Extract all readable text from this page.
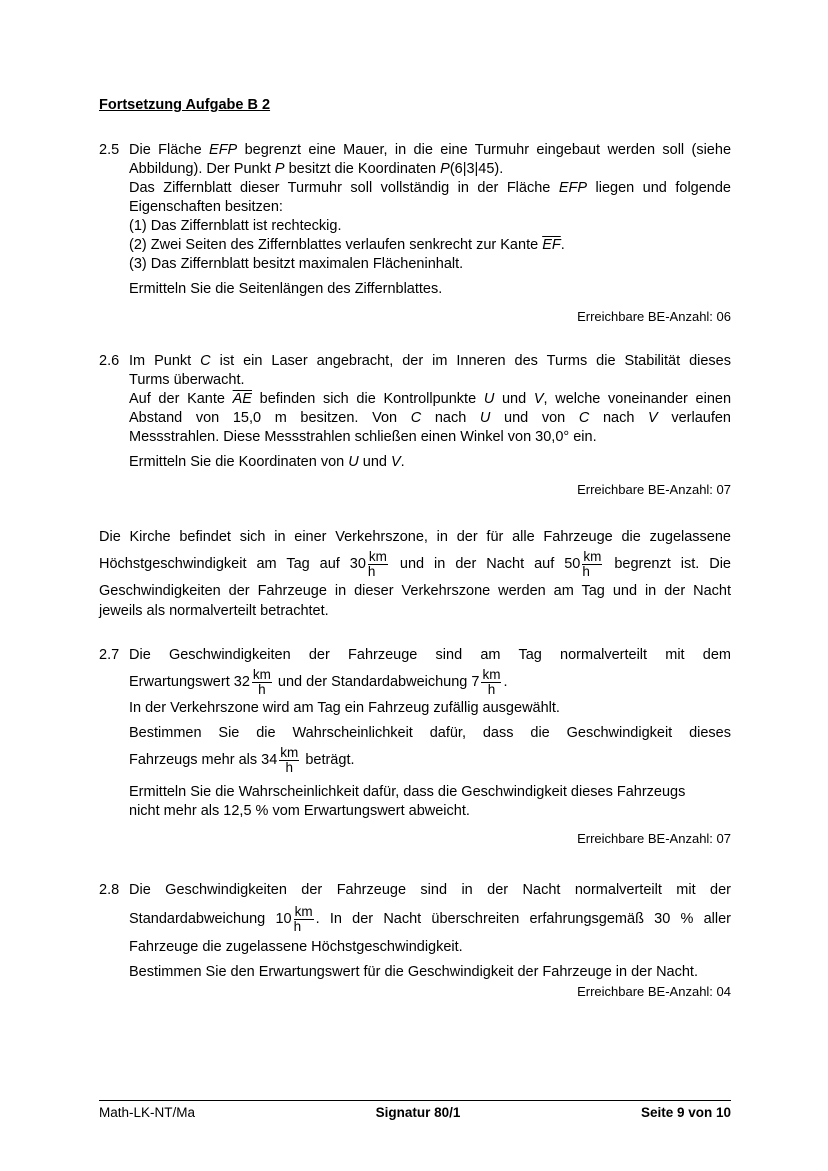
Fortsetzung Aufgabe B 2
2.5 Die Fläche EFP begrenzt eine Mauer, in die eine Turmuhr eingebaut werden soll (siehe

Abbildung). Der Punkt P besitzt die Koordinaten P(6|3|45).

Das Ziffernblatt dieser Turmuhr soll vollständig in der Fläche EFP liegen und folgende

Eigenschaften besitzen:

(1) Das Ziffernblatt ist rechteckig.

(2) Zwei Seiten des Ziffernblattes verlaufen senkrecht zur Kante $\overline{EF}$.

(3) Das Ziffernblatt besitzt maximalen Flächeninhalt.

Ermitteln Sie die Seitenlängen des Ziffernblattes.

Erreichbare BE-Anzahl: 06
2.6 Im Punkt C ist ein Laser angebracht, der im Inneren des Turms die Stabilität dieses

Turms überwacht.

Auf der Kante $\overline{AE}$ befinden sich die Kontrollpunkte U und V, welche voneinander einen

Abstand von 15,0 m besitzen. Von C nach U und von C nach V verlaufen

Messstrahlen. Diese Messstrahlen schließen einen Winkel von 30,0° ein.

Ermitteln Sie die Koordinaten von U und V.

Erreichbare BE-Anzahl: 07

Die Kirche befindet sich in einer Verkehrszone, in der für alle Fahrzeuge die zugelassene

Höchstgeschwindigkeit am Tag auf $30 \frac{km}{h}$ und in der Nacht auf $50 \frac{km}{h}$ begrenzt ist. Die

Geschwindigkeiten der Fahrzeuge in dieser Verkehrszone werden am Tag und in der Nacht

jeweils als normalverteilt betrachtet.

2.7 Die Geschwindigkeiten der Fahrzeuge sind am Tag normalverteilt mit dem

Erwartungswert $32 \frac{km}{h}$ und der Standardabweichung $7 \frac{km}{h}$ .

In der Verkehrszone wird am Tag ein Fahrzeug zufällig ausgewählt.

Bestimmen Sie die Wahrscheinlichkeit dafür, dass die Geschwindigkeit dieses

Fahrzeugs mehr als $34 \frac{km}{h}$ beträgt.

Ermitteln Sie die Wahrscheinlichkeit dafür, dass die Geschwindigkeit dieses Fahrzeugs

nicht mehr als 12,5 % vom Erwartungswert abweicht.

Erreichbare BE-Anzahl: 07
2.8 Die Geschwindigkeiten der Fahrzeuge sind in der Nacht normalverteilt mit der

Standardabweichung $10 \frac{km}{h}$ . In der Nacht überschreiten erfahrungsgemäß 30 % aller

Fahrzeuge die zugelassene Höchstgeschwindigkeit.

Bestimmen Sie den Erwartungswert für die Geschwindigkeit der Fahrzeuge in der Nacht.

Erreichbare BE-Anzahl: 04
Math-LK-NT/Ma	Signatur 80/1	Seite 9 von 10
